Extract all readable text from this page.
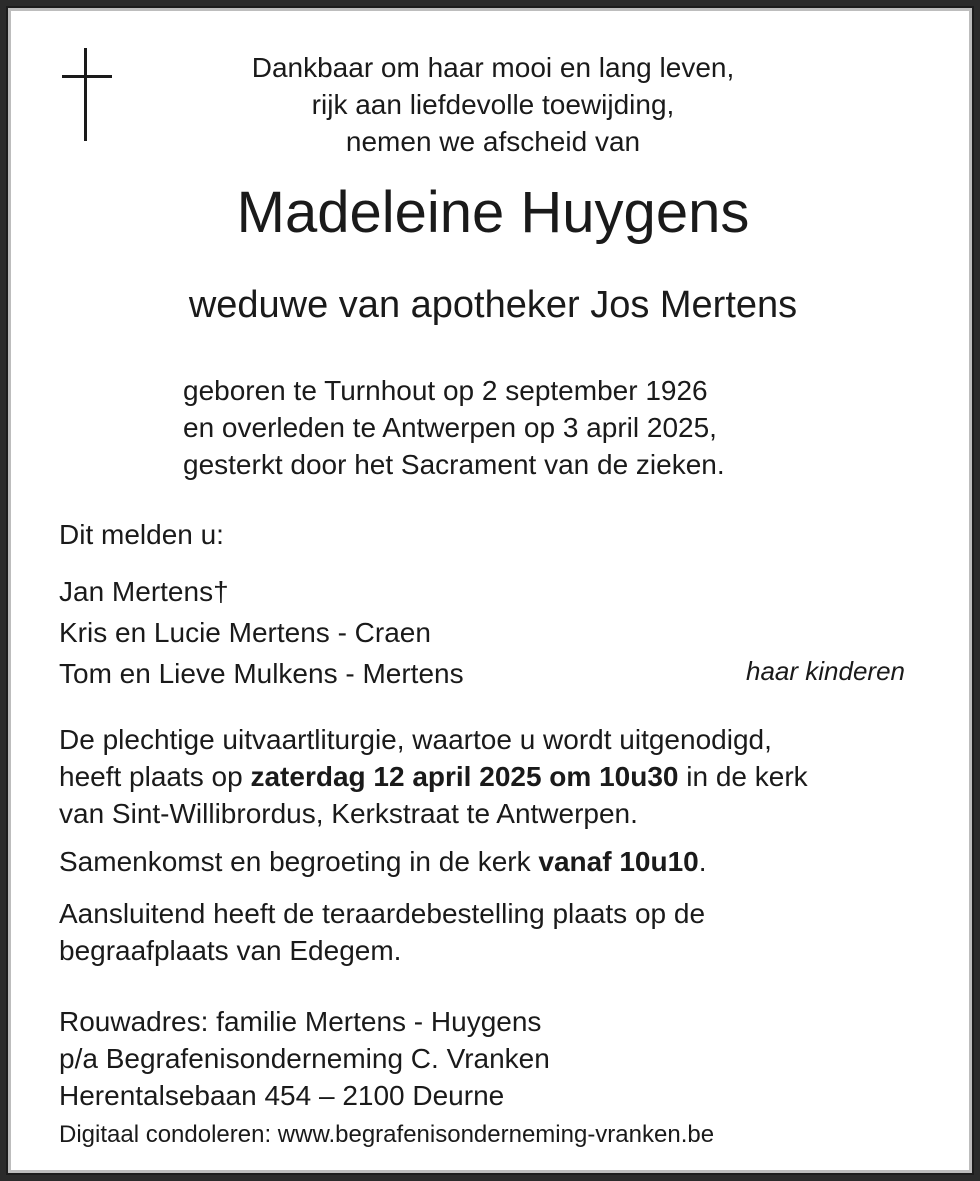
Dankbaar om haar mooi en lang leven,
rijk aan liefdevolle toewijding,
nemen we afscheid van
Madeleine Huygens
weduwe van apotheker Jos Mertens
geboren te Turnhout op 2 september 1926
en overleden te Antwerpen op 3 april 2025,
gesterkt door het Sacrament van de zieken.
Dit melden u:
Jan Mertens†
Kris en Lucie Mertens - Craen
Tom en Lieve Mulkens - Mertens	haar kinderen
De plechtige uitvaartliturgie, waartoe u wordt uitgenodigd,
heeft plaats op zaterdag 12 april 2025 om 10u30 in de kerk
van Sint-Willibrordus, Kerkstraat te Antwerpen.
Samenkomst en begroeting in de kerk vanaf 10u10.
Aansluitend heeft de teraardebestelling plaats op de
begraafplaats van Edegem.
Rouwadres: familie Mertens - Huygens
p/a Begrafenisonderneming C. Vranken
Herentalsebaan 454 – 2100 Deurne
Digitaal condoleren: www.begrafenisonderneming-vranken.be
